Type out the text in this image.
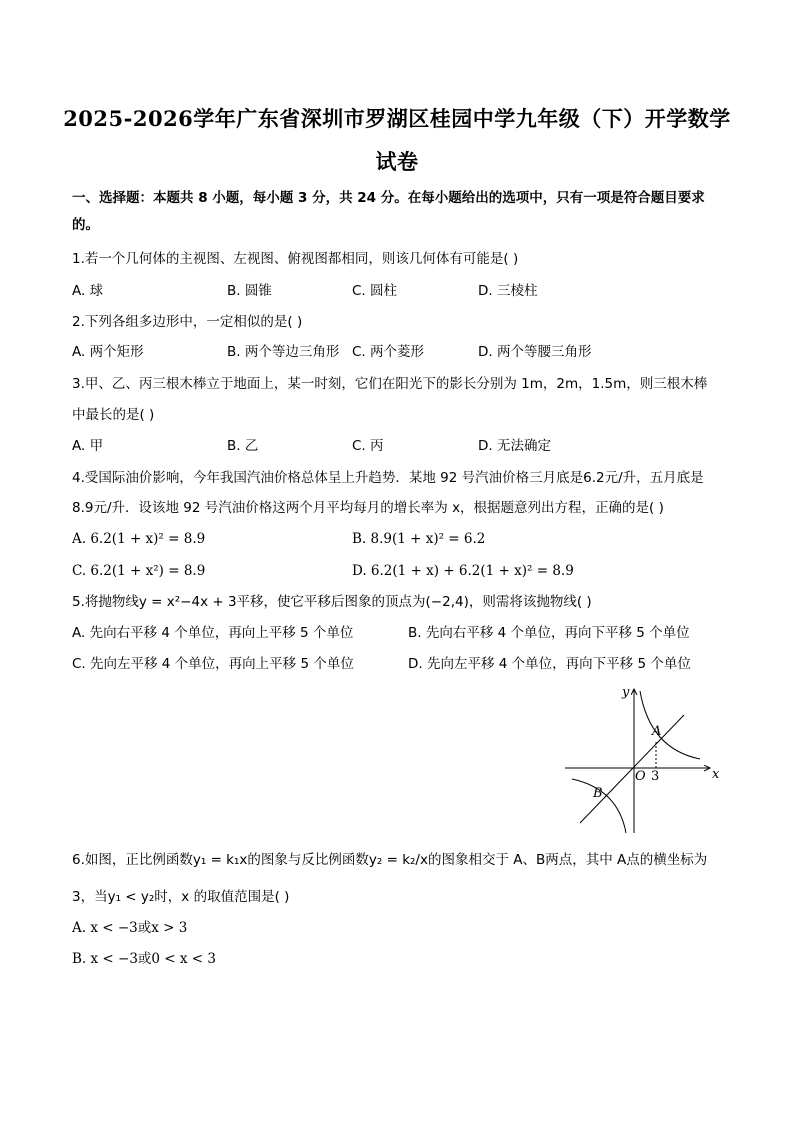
2025-2026学年广东省深圳市罗湖区桂园中学九年级（下）开学数学
试卷
一、选择题：本题共 8 小题，每小题 3 分，共 24 分。在每小题给出的选项中，只有一项是符合题目要求
的。
1.若一个几何体的主视图、左视图、俯视图都相同，则该几何体有可能是( )
A. 球	B. 圆锥	C. 圆柱	D. 三棱柱
2.下列各组多边形中，一定相似的是( )
A. 两个矩形	B. 两个等边三角形 C. 两个菱形	D. 两个等腰三角形
3.甲、乙、丙三根木棒立于地面上，某一时刻，它们在阳光下的影长分别为 1m，2m，1.5m，则三根木棒
中最长的是( )
A. 甲	B. 乙	C. 丙	D. 无法确定
4.受国际油价影响，今年我国汽油价格总体呈上升趋势．某地 92 号汽油价格三月底是6.2元/升，五月底是
8.9元/升．设该地 92 号汽油价格这两个月平均每月的增长率为 x，根据题意列出方程，正确的是( )
A. 6.2(1 + x)² = 8.9	B. 8.9(1 + x)² = 6.2
C. 6.2(1 + x²) = 8.9	D. 6.2(1 + x) + 6.2(1 + x)² = 8.9
5.将抛物线y = x²−4x + 3平移，使它平移后图象的顶点为(−2,4)，则需将该抛物线( )
A. 先向右平移 4 个单位，再向上平移 5 个单位	B. 先向右平移 4 个单位，再向下平移 5 个单位
C. 先向左平移 4 个单位，再向上平移 5 个单位	D. 先向左平移 4 个单位，再向下平移 5 个单位
y
x
O 3
A
B
6.如图，正比例函数y₁ = k₁x的图象与反比例函数y₂ = k₂/x的图象相交于 A、B两点，其中 A点的横坐标为
3，当y₁ < y₂时，x 的取值范围是( )
A. x < −3或x > 3
B. x < −3或0 < x < 3
